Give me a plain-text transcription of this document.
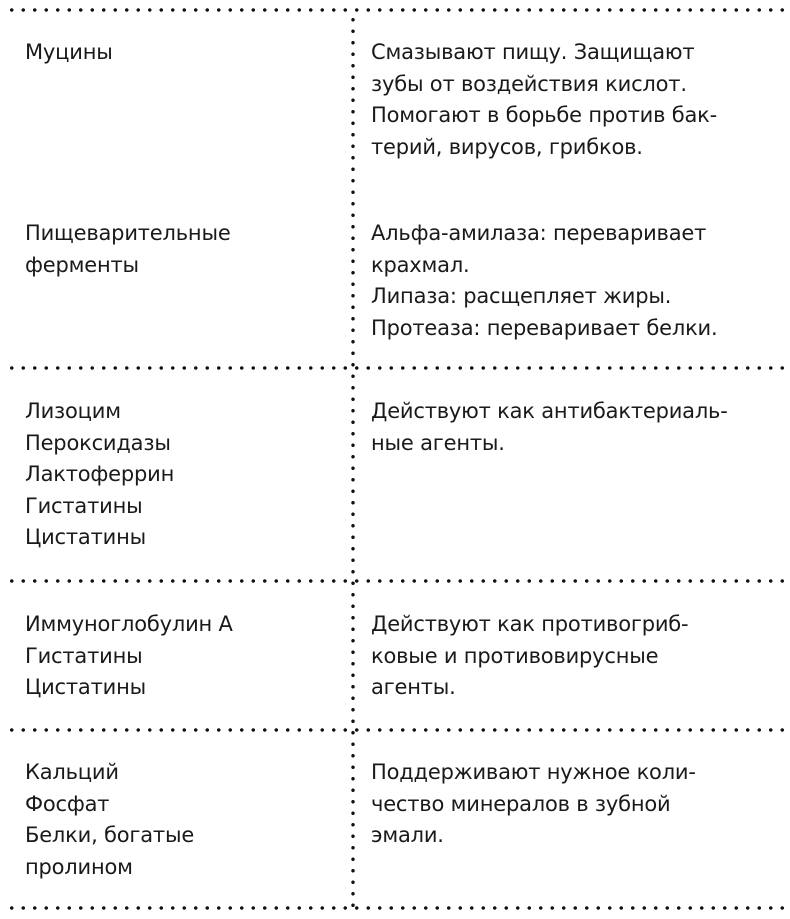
Муцины	Смазывают пищу. Защищают
зубы от воздействия кислот.
Помогают в борьбе против бак-
терий, вирусов, грибков.
Пищеварительные
ферменты
Альфа-амилаза: переваривает
крахмал.
Липаза: расщепляет жиры.
Протеаза: переваривает белки.
Лизоцим
Пероксидазы
Лактоферрин
Гистатины
Цистатины
Действуют как антибактериаль-
ные агенты.
Иммуноглобулин А
Гистатины
Цистатины
Действуют как противогриб-
ковые и противовирусные
агенты.
Кальций
Фосфат
Белки, богатые
пролином
Поддерживают нужное коли-
чество минералов в зубной
эмали.
